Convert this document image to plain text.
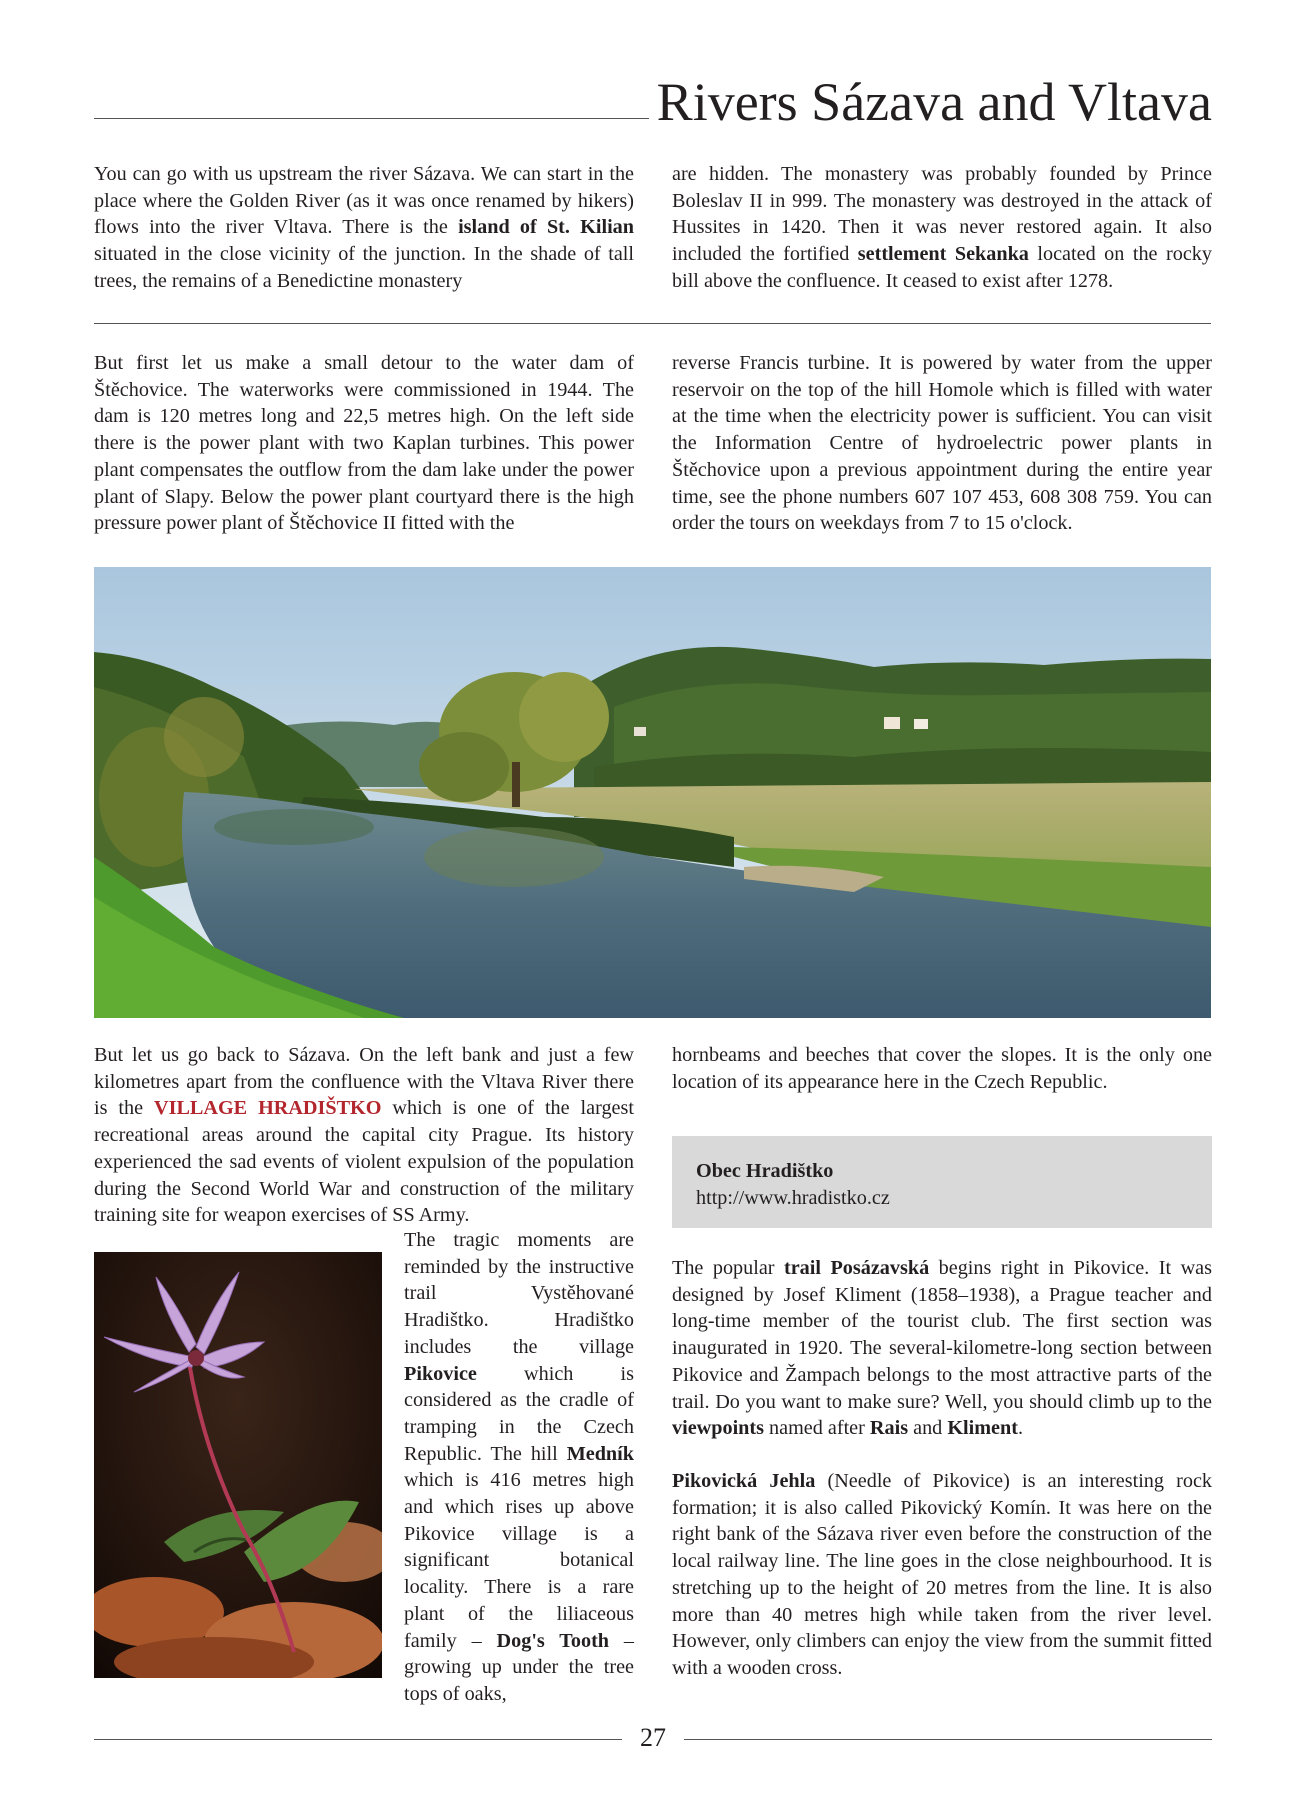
Rivers Sázava and Vltava

You can go with us upstream the river Sázava. We can start in the place where the Golden River (as it was once renamed by hikers) flows into the river Vltava. There is the island of St. Kilian situated in the close vicinity of the junction. In the shade of tall trees, the remains of a Benedictine monastery

are hidden. The monastery was probably founded by Prince Boleslav II in 999. The monastery was destroyed in the attack of Hussites in 1420. Then it was never restored again. It also included the fortified settlement Sekanka located on the rocky bill above the confluence. It ceased to exist after 1278.

But first let us make a small detour to the water dam of Štěchovice. The waterworks were commissioned in 1944. The dam is 120 metres long and 22,5 metres high. On the left side there is the power plant with two Kaplan turbines. This power plant compensates the outflow from the dam lake under the power plant of Slapy. Below the power plant courtyard there is the high pressure power plant of Štěchovice II fitted with the

reverse Francis turbine. It is powered by water from the upper reservoir on the top of the hill Homole which is filled with water at the time when the electricity power is sufficient. You can visit the Information Centre of hydroelectric power plants in Štěchovice upon a previous appointment during the entire year time, see the phone numbers 607 107 453, 608 308 759. You can order the tours on weekdays from 7 to 15 o'clock.

But let us go back to Sázava. On the left bank and just a few kilometres apart from the confluence with the Vltava River there is the VILLAGE HRADIŠTKO which is one of the largest recreational areas around the capital city Prague. Its history experienced the sad events of violent expulsion of the population during the Second World War and construction of the military training site for weapon exercises of SS Army.

The tragic moments are reminded by the instructive trail Vystěhované Hradištko. Hradištko includes the village Pikovice which is considered as the cradle of tramping in the Czech Republic. The hill Medník which is 416 metres high and which rises up above Pikovice village is a significant botanical locality. There is a rare plant of the liliaceous family – Dog's Tooth – growing up under the tree tops of oaks,

hornbeams and beeches that cover the slopes. It is the only one location of its appearance here in the Czech Republic.

Obec Hradištko
http://www.hradistko.cz

The popular trail Posázavská begins right in Pikovice. It was designed by Josef Kliment (1858–1938), a Prague teacher and long-time member of the tourist club. The first section was inaugurated in 1920. The several-kilometre-long section between Pikovice and Žampach belongs to the most attractive parts of the trail. Do you want to make sure? Well, you should climb up to the viewpoints named after Rais and Kliment.

Pikovická Jehla (Needle of Pikovice) is an interesting rock formation; it is also called Pikovický Komín. It was here on the right bank of the Sázava river even before the construction of the local railway line. The line goes in the close neighbourhood. It is stretching up to the height of 20 metres from the line. It is also more than 40 metres high while taken from the river level. However, only climbers can enjoy the view from the summit fitted with a wooden cross.

27
